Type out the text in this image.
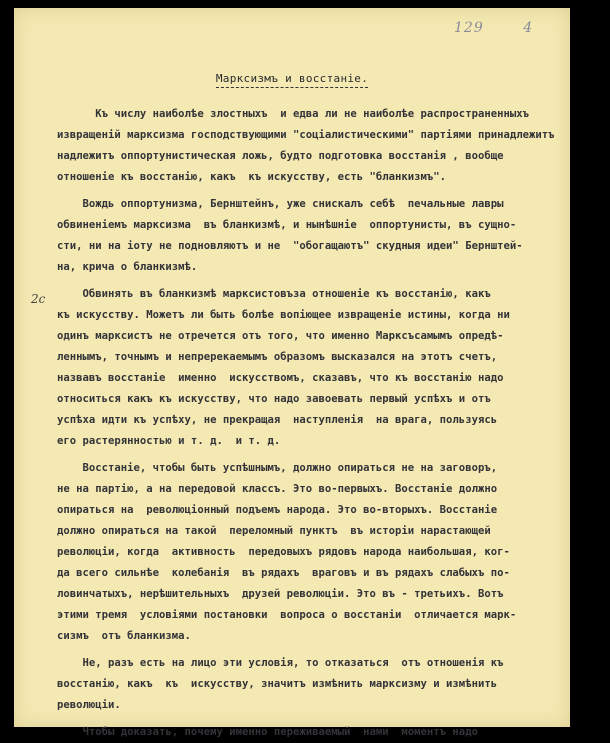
129	4
Марксизмъ и восстаніе.
2с
Къ числу наиболѣе злостныхъ  и едва ли не наиболѣе распространенныхъ
извращеній марксизма господствующими "соціалистическими" партіями принадлежитъ
надлежитъ оппортунистическая ложь, будто подготовка восстанія , вообще
отношеніе къ восстанію, какъ  къ искусству, есть "бланкизмъ".
Вождь оппортунизма, Бернштейнъ, уже снискалъ себѣ  печальные лавры
обвиненіемъ марксизма  въ бланкизмѣ, и нынѣшніе  оппортунисты, въ сущно-
сти, ни на іоту не подновляютъ и не  "обогащаютъ" скудныя идеи" Бернштей-
на, крича о бланкизмѣ.
Обвинять въ бланкизмѣ марксистовъза отношеніе къ восстанію, какъ
къ искусству. Можетъ ли быть болѣе вопіющее извращеніе истины, когда ни
одинъ марксистъ не отречется отъ того, что именно Марксъсамымъ опредѣ-
леннымъ, точнымъ и непререкаемымъ образомъ высказался на этотъ счетъ,
назвавъ восстаніе  именно  искусствомъ, сказавъ, что къ восстанію надо
относиться какъ къ искусству, что надо завоевать первый успѣхъ и отъ
успѣха идти къ успѣху, не прекращая  наступленія  на врага, пользуясь
его растерянностью и т. д.  и т. д.
Восстаніе, чтобы быть успѣшнымъ, должно опираться не на заговоръ,
не на партію, а на передовой классъ. Это во-первыхъ. Восстаніе должно
опираться на  революціонный подъемъ народа. Это во-вторыхъ. Восстаніе
должно опираться на такой  переломный пунктъ  въ исторіи нарастающей
революціи, когда  активность  передовыхъ рядовъ народа наибольшая, ког-
да всего сильнѣе  колебанія  въ рядахъ  враговъ и въ рядахъ слабыхъ по-
ловинчатыхъ, нерѣшительныхъ  друзей революціи. Это въ - третьихъ. Вотъ
этими тремя  условіями постановки  вопроса о восстаніи  отличается марк-
сизмъ  отъ бланкизма.
Не, разъ есть на лицо эти условія, то отказаться  отъ отношенія къ
восстанію, какъ  къ  искусству, значитъ измѣнить марксизму и измѣнить
революціи.
Чтобы доказать, почему именно переживаемый  нами  моментъ надо
